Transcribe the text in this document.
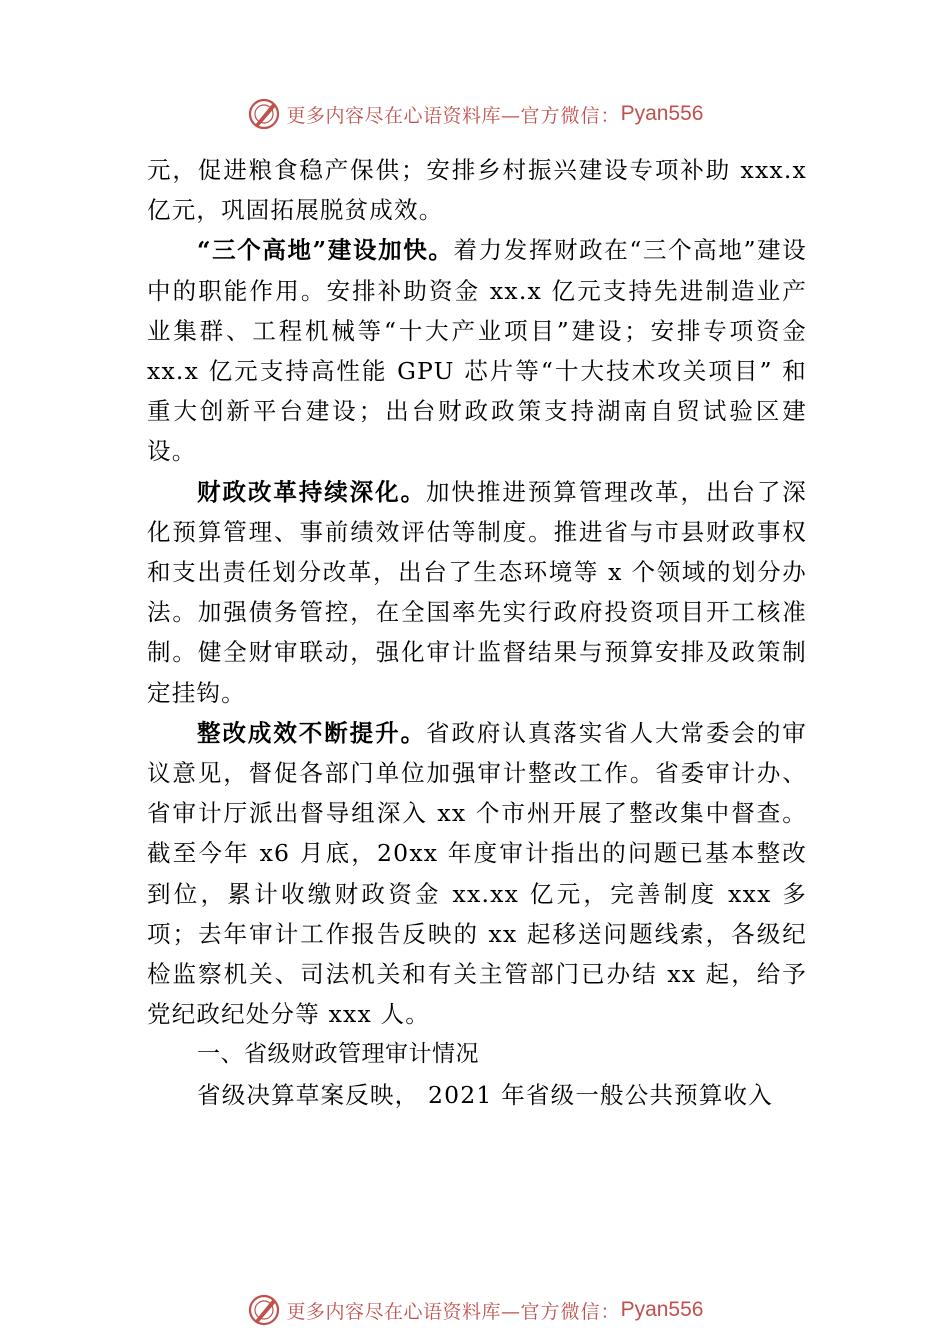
更多内容尽在心语资料库— 官方微信： Pyan556

元，促进粮食稳产保供；安排乡村振兴建设专项补助 xxx.x 亿元，巩固拓展脱贫成效。

“三个高地”建设加快。着力发挥财政在“三个高地”建设中的职能作用。安排补助资金 xx.x 亿元支持先进制造业产业集群、工程机械等“十大产业项目”建设；安排专项资金 xx.x 亿元支持高性能 GPU 芯片等“十大技术攻关项目” 和重大创新平台建设；出台财政政策支持湖南自贸试验区建设。

财政改革持续深化。加快推进预算管理改革，出台了深化预算管理、事前绩效评估等制度。推进省与市县财政事权和支出责任划分改革，出台了生态环境等 x 个领域的划分办法。加强债务管控，在全国率先实行政府投资项目开工核准制。健全财审联动，强化审计监督结果与预算安排及政策制定挂钩。

整改成效不断提升。省政府认真落实省人大常委会的审议意见，督促各部门单位加强审计整改工作。省委审计办、 省审计厅派出督导组深入 xx 个市州开展了整改集中督查。截至今年 x6 月底，20xx 年度审计指出的问题已基本整改到位，累计收缴财政资金 xx.xx 亿元，完善制度 xxx 多项；去年审计工作报告反映的 xx 起移送问题线索，各级纪检监察机关、司法机关和有关主管部门已办结 xx 起，给予党纪政纪处分等 xxx 人。

一、省级财政管理审计情况

省级决算草案反映， 2021 年省级一般公共预算收入

更多内容尽在心语资料库— 官方微信： Pyan556
